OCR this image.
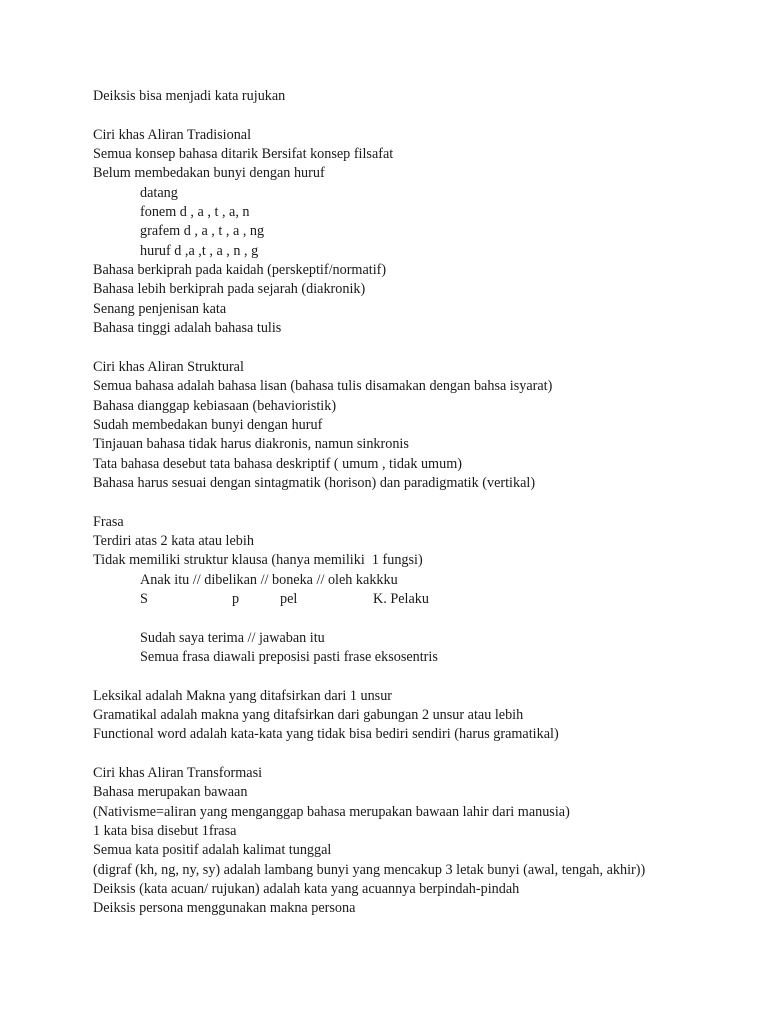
Deiksis bisa menjadi kata rujukan
Ciri khas Aliran Tradisional
Semua konsep bahasa ditarik Bersifat konsep filsafat
Belum membedakan bunyi dengan huruf
datang
fonem d , a , t , a, n
grafem d , a , t , a , ng
huruf d ,a ,t , a , n , g
Bahasa berkiprah pada kaidah (perskeptif/normatif)
Bahasa lebih berkiprah pada sejarah (diakronik)
Senang penjenisan kata
Bahasa tinggi adalah bahasa tulis
Ciri khas Aliran Struktural
Semua bahasa adalah bahasa lisan (bahasa tulis disamakan dengan bahsa isyarat)
Bahasa dianggap kebiasaan (behavioristik)
Sudah membedakan bunyi dengan huruf
Tinjauan bahasa tidak harus diakronis, namun sinkronis
Tata bahasa desebut tata bahasa deskriptif ( umum , tidak umum)
Bahasa harus sesuai dengan sintagmatik (horison) dan paradigmatik (vertikal)
Frasa
Terdiri atas 2 kata atau lebih
Tidak memiliki struktur klausa (hanya memiliki  1 fungsi)
Anak itu // dibelikan // boneka // oleh kakkku
S	p	pel	K. Pelaku
Sudah saya terima // jawaban itu
Semua frasa diawali preposisi pasti frase eksosentris
Leksikal adalah Makna yang ditafsirkan dari 1 unsur
Gramatikal adalah makna yang ditafsirkan dari gabungan 2 unsur atau lebih
Functional word adalah kata-kata yang tidak bisa bediri sendiri (harus gramatikal)
Ciri khas Aliran Transformasi
Bahasa merupakan bawaan
(Nativisme=aliran yang menganggap bahasa merupakan bawaan lahir dari manusia)
1 kata bisa disebut 1frasa
Semua kata positif adalah kalimat tunggal
(digraf (kh, ng, ny, sy) adalah lambang bunyi yang mencakup 3 letak bunyi (awal, tengah, akhir))
Deiksis (kata acuan/ rujukan) adalah kata yang acuannya berpindah-pindah
Deiksis persona menggunakan makna persona
